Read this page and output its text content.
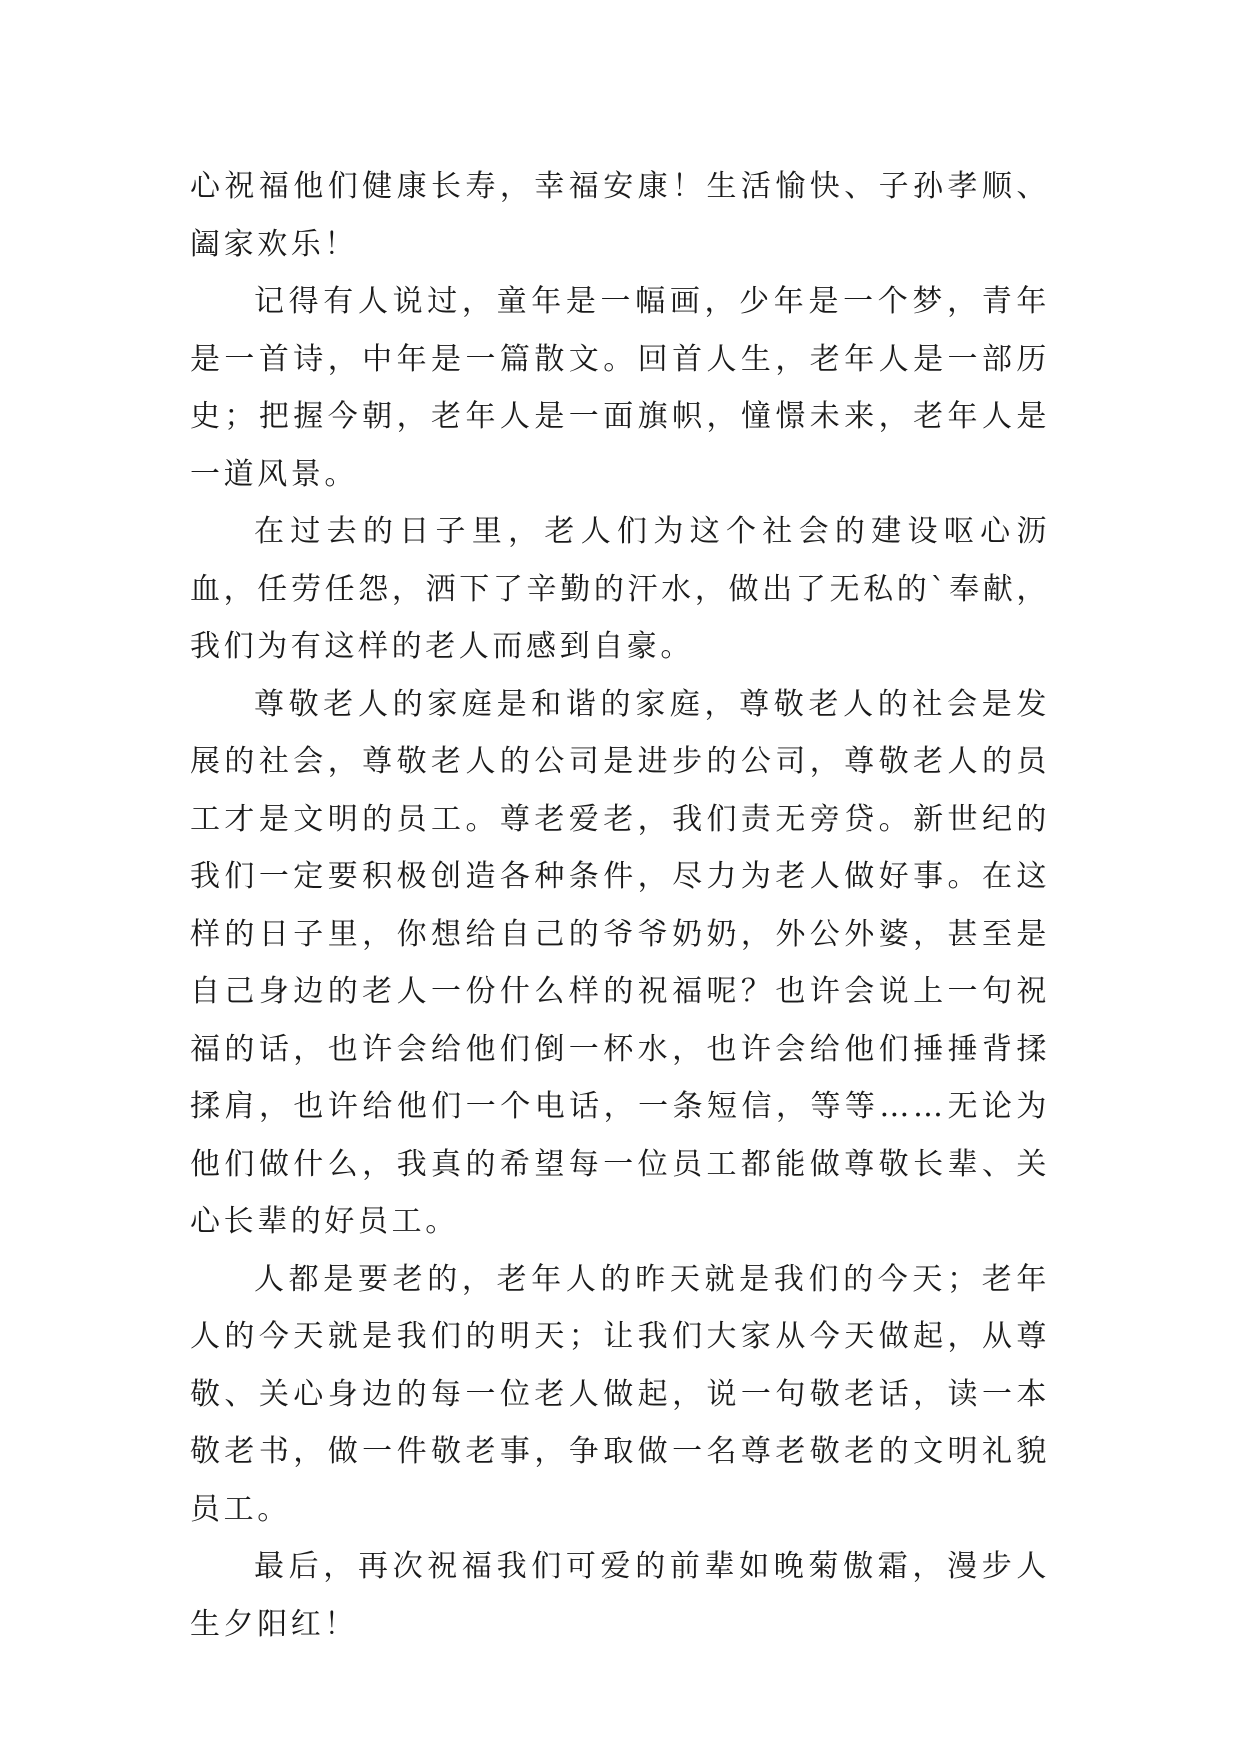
心祝福他们健康长寿，幸福安康！生活愉快、子孙孝顺、阖家欢乐！

记得有人说过，童年是一幅画，少年是一个梦，青年是一首诗，中年是一篇散文。回首人生，老年人是一部历史；把握今朝，老年人是一面旗帜，憧憬未来，老年人是一道风景。

在过去的日子里，老人们为这个社会的建设呕心沥血，任劳任怨，洒下了辛勤的汗水，做出了无私的`奉献，我们为有这样的老人而感到自豪。

尊敬老人的家庭是和谐的家庭，尊敬老人的社会是发展的社会，尊敬老人的公司是进步的公司，尊敬老人的员工才是文明的员工。尊老爱老，我们责无旁贷。新世纪的我们一定要积极创造各种条件，尽力为老人做好事。在这样的日子里，你想给自己的爷爷奶奶，外公外婆，甚至是自己身边的老人一份什么样的祝福呢？也许会说上一句祝福的话，也许会给他们倒一杯水，也许会给他们捶捶背揉揉肩，也许给他们一个电话，一条短信，等等……无论为他们做什么，我真的希望每一位员工都能做尊敬长辈、关心长辈的好员工。

人都是要老的，老年人的昨天就是我们的今天；老年人的今天就是我们的明天；让我们大家从今天做起，从尊敬、关心身边的每一位老人做起，说一句敬老话，读一本敬老书，做一件敬老事，争取做一名尊老敬老的文明礼貌员工。

最后，再次祝福我们可爱的前辈如晚菊傲霜，漫步人生夕阳红！
